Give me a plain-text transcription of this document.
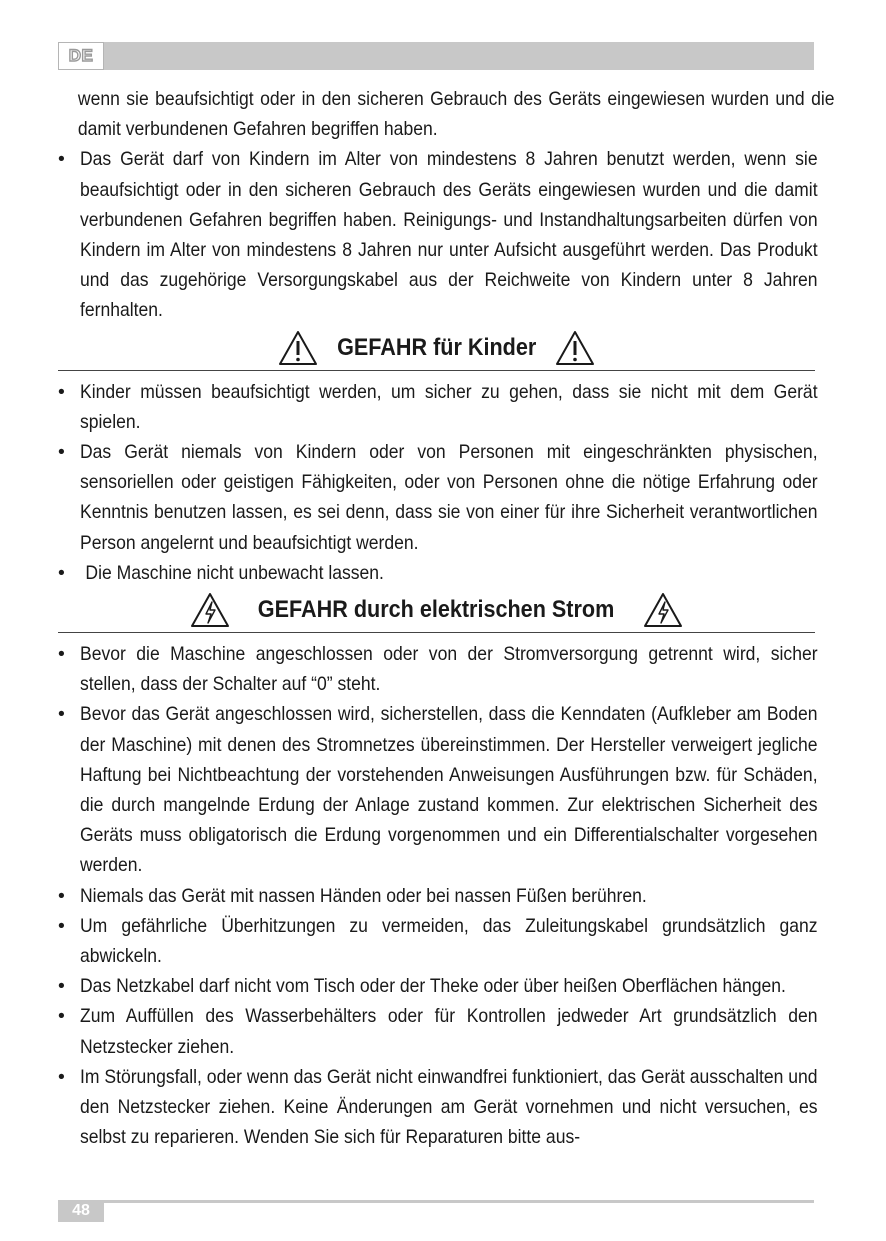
DE

wenn sie beaufsichtigt oder in den sicheren Gebrauch des Geräts eingewiesen wurden und die damit verbundenen Gefahren begriffen haben.

• Das Gerät darf von Kindern im Alter von mindestens 8 Jahren benutzt werden, wenn sie beaufsichtigt oder in den sicheren Gebrauch des Geräts eingewiesen wurden und die damit verbundenen Gefahren begriffen haben. Reinigungs- und Instandhaltungsarbeiten dürfen von Kindern im Alter von mindestens 8 Jahren nur unter Aufsicht ausgeführt werden. Das Produkt und das zugehörige Versorgungskabel aus der Reichweite von Kindern unter 8 Jahren fernhalten.
GEFAHR für Kinder
• Kinder müssen beaufsichtigt werden, um sicher zu gehen, dass sie nicht mit dem Gerät spielen.
• Das Gerät niemals von Kindern oder von Personen mit eingeschränkten physischen, sensoriellen oder geistigen Fähigkeiten, oder von Personen ohne die nötige Erfahrung oder Kenntnis benutzen lassen, es sei denn, dass sie von einer für ihre Sicherheit verantwortlichen Person angelernt und beaufsichtigt werden.
• Die Maschine nicht unbewacht lassen.
GEFAHR durch elektrischen Strom
• Bevor die Maschine angeschlossen oder von der Stromversorgung getrennt wird, sicher stellen, dass der Schalter auf “0” steht.
• Bevor das Gerät angeschlossen wird, sicherstellen, dass die Kenndaten (Aufkleber am Boden der Maschine) mit denen des Stromnetzes übereinstimmen. Der Hersteller verweigert jegliche Haftung bei Nichtbeachtung der vorstehenden Anweisungen Ausführungen bzw. für Schäden, die durch mangelnde Erdung der Anlage zustand kommen. Zur elektrischen Sicherheit des Geräts muss obligatorisch die Erdung vorgenommen und ein Differentialschalter vorgesehen werden.
• Niemals das Gerät mit nassen Händen oder bei nassen Füßen berühren.
• Um gefährliche Überhitzungen zu vermeiden, das Zuleitungskabel grundsätzlich ganz abwickeln.
• Das Netzkabel darf nicht vom Tisch oder der Theke oder über heißen Oberflächen hängen.
• Zum Auffüllen des Wasserbehälters oder für Kontrollen jedweder Art grundsätzlich den Netzstecker ziehen.
• Im Störungsfall, oder wenn das Gerät nicht einwandfrei funktioniert, das Gerät ausschalten und den Netzstecker ziehen. Keine Änderungen am Gerät vornehmen und nicht versuchen, es selbst zu reparieren. Wenden Sie sich für Reparaturen bitte aus-
48
